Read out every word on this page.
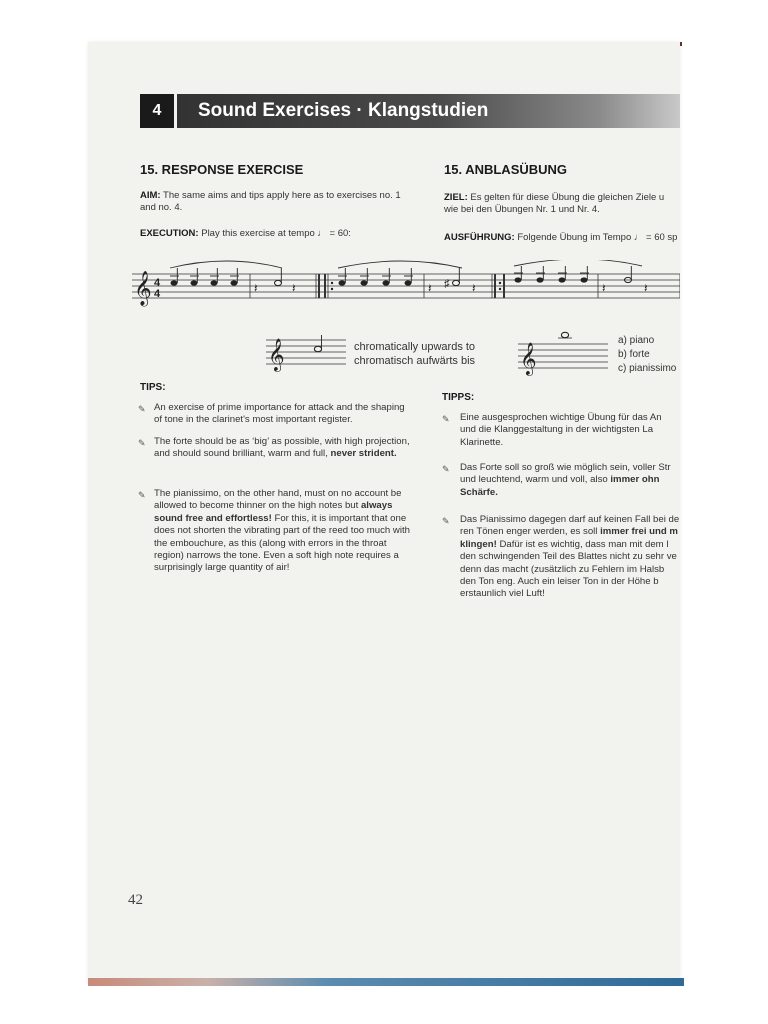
4	Sound Exercises · Klangstudien
15. RESPONSE EXERCISE	15. ANBLASÜBUNG
AIM: The same aims and tips apply here as to exercises no. 1 and no. 4.
ZIEL: Es gelten für diese Übung die gleichen Ziele u wie bei den Übungen Nr. 1 und Nr. 4.
EXECUTION: Play this exercise at tempo ♩ = 60:	AUSFÜHRUNG: Folgende Übung im Tempo ♩ = 60 sp
𝄞 4
4	𝄽	𝄽	𝄽 ♯ 𝄽	𝄽	𝄽
𝄞	chromatically upwards to
chromatisch aufwärts bis 𝄞
a) piano
b) forte
c) pianissimo
TIPS:
TIPPS:
✎ An exercise of prime importance for attack and the shaping of tone in the clarinet's most important register.
✎ The forte should be as ‘big’ as possible, with high projection, and should sound brilliant, warm and full, never strident.
✎ The pianissimo, on the other hand, must on no account be allowed to become thinner on the high notes but always sound free and effortless! For this, it is important that one does not shorten the vibrating part of the reed too much with the embouchure, as this (along with errors in the throat region) narrows the tone. Even a soft high note requires a surprisingly large quantity of air!
✎ Eine ausgesprochen wichtige Übung für das An und die Klanggestaltung in der wichtigsten La Klarinette.
✎ Das Forte soll so groß wie möglich sein, voller Str und leuchtend, warm und voll, also immer ohn Schärfe.
✎ Das Pianissimo dagegen darf auf keinen Fall bei de ren Tönen enger werden, es soll immer frei und m klingen! Dafür ist es wichtig, dass man mit dem l den schwingenden Teil des Blattes nicht zu sehr ve denn das macht (zusätzlich zu Fehlern im Halsb den Ton eng. Auch ein leiser Ton in der Höhe b erstaunlich viel Luft!
42
